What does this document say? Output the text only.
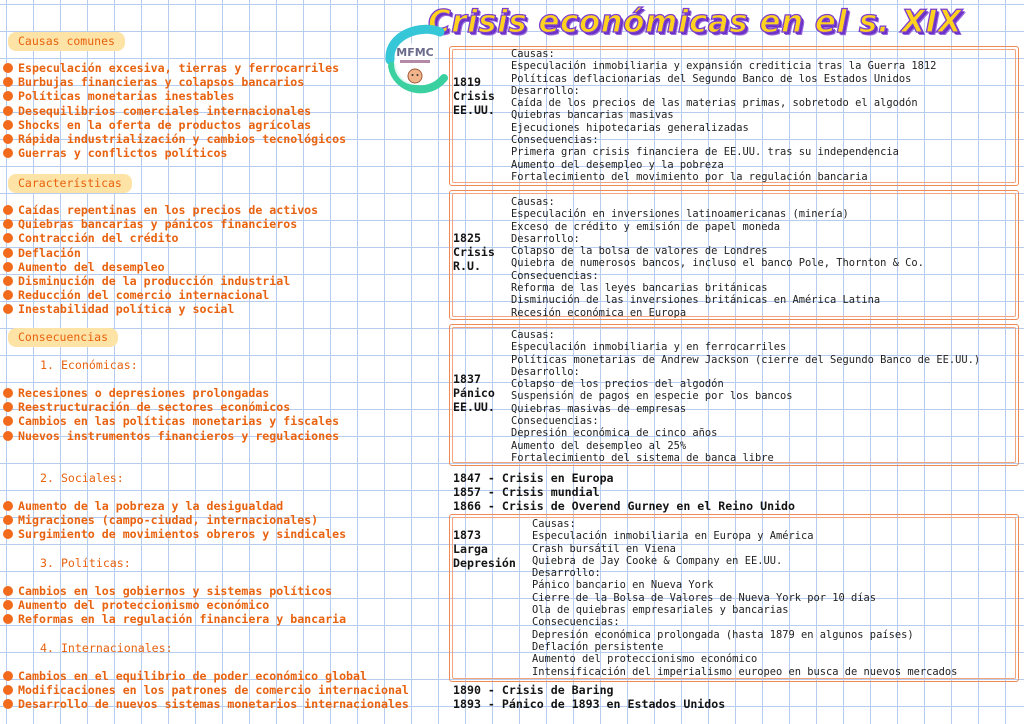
Crisis económicas en el s. XIX
MFMC
Causas comunes
Especulación excesiva, tierras y ferrocarriles
Burbujas financieras y colapsos bancarios
Políticas monetarias inestables
Desequilibrios comerciales internacionales
Shocks en la oferta de productos agrícolas
Rápida industrialización y cambios tecnológicos
Guerras y conflictos políticos
Características
Caídas repentinas en los precios de activos
Quiebras bancarias y pánicos financieros
Contracción del crédito
Deflación
Aumento del desempleo
Disminución de la producción industrial
Reducción del comercio internacional
Inestabilidad política y social
Consecuencias
1. Económicas:
Recesiones o depresiones prolongadas
Reestructuración de sectores económicos
Cambios en las políticas monetarias y fiscales
Nuevos instrumentos financieros y regulaciones
2. Sociales:
Aumento de la pobreza y la desigualdad
Migraciones (campo-ciudad, internacionales)
Surgimiento de movimientos obreros y sindicales
3. Políticas:
Cambios en los gobiernos y sistemas políticos
Aumento del proteccionismo económico
Reformas en la regulación financiera y bancaria
4. Internacionales:
Cambios en el equilibrio de poder económico global
Modificaciones en los patrones de comercio internacional
Desarrollo de nuevos sistemas monetarios internacionales
1819
Crisis
EE.UU.
Causas:
Especulación inmobiliaria y expansión crediticia tras la Guerra 1812
Políticas deflacionarias del Segundo Banco de los Estados Unidos
Desarrollo:
Caída de los precios de las materias primas, sobretodo el algodón
Quiebras bancarias masivas
Ejecuciones hipotecarias generalizadas
Consecuencias:
Primera gran crisis financiera de EE.UU. tras su independencia
Aumento del desempleo y la pobreza
Fortalecimiento del movimiento por la regulación bancaria
1825
Crisis
R.U.
Causas:
Especulación en inversiones latinoamericanas (minería)
Exceso de crédito y emisión de papel moneda
Desarrollo:
Colapso de la bolsa de valores de Londres
Quiebra de numerosos bancos, incluso el banco Pole, Thornton & Co.
Consecuencias:
Reforma de las leyes bancarias británicas
Disminución de las inversiones británicas en América Latina
Recesión económica en Europa
1837
Pánico
EE.UU.
Causas:
Especulación inmobiliaria y en ferrocarriles
Políticas monetarias de Andrew Jackson (cierre del Segundo Banco de EE.UU.)
Desarrollo:
Colapso de los precios del algodón
Suspensión de pagos en especie por los bancos
Quiebras masivas de empresas
Consecuencias:
Depresión económica de cinco años
Aumento del desempleo al 25%
Fortalecimiento del sistema de banca libre
1847 - Crisis en Europa
1857 - Crisis mundial
1866 - Crisis de Overend Gurney en el Reino Unido
1873
Larga
Depresión
Causas:
Especulación inmobiliaria en Europa y América
Crash bursátil en Viena
Quiebra de Jay Cooke & Company en EE.UU.
Desarrollo:
Pánico bancario en Nueva York
Cierre de la Bolsa de Valores de Nueva York por 10 días
Ola de quiebras empresariales y bancarias
Consecuencias:
Depresión económica prolongada (hasta 1879 en algunos países)
Deflación persistente
Aumento del proteccionismo económico
Intensificación del imperialismo europeo en busca de nuevos mercados
1890 - Crisis de Baring
1893 - Pánico de 1893 en Estados Unidos
